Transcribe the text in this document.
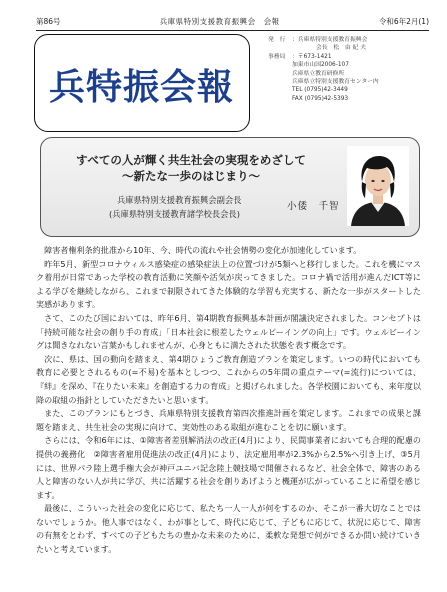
第86号	兵庫県特別支援教育振興会　会報	令和6年2月(1)
兵特振会報
発　行 ：兵庫県特別支援教育振興会
会長　松　由 紀 夫
事務局 ：〒673-1421
加東市山国2006-107
兵庫県立教育研修所
兵庫県立特別支援教育センター内
TEL (0795)42-3449
FAX (0795)42-5393
すべての人が輝く共生社会の実現をめざして
～新たな一歩のはじまり～
兵庫県特別支援教育振興会副会長
(兵庫県特別支援教育諸学校長会長)
小倭　千智

障害者権利条約批准から10年、今、時代の流れや社会情勢の変化が加速化しています。

昨年5月、新型コロナウィルス感染症の感染症法上の位置づけが5類へと移行しました。これを機にマスク着用が日常であった学校の教育活動に笑顔や活気が戻ってきました。コロナ禍で活用が進んだICT等による学びを継続しながら、これまで制限されてきた体験的な学習も充実する、新たな一歩がスタートした実感があります。

さて、このたび国においては、昨年6月、第4期教育振興基本計画が閣議決定されました。コンセプトは「持続可能な社会の創り手の育成」「日本社会に根差したウェルビーイングの向上」です。ウェルビーイングは聞きなれない言葉かもしれませんが、心身ともに満たされた状態を表す概念です。

次に、県は、国の動向を踏まえ、第4期ひょうご教育創造プランを策定します。いつの時代においても教育に必要とされるもの(=不易)を基本としつつ、これからの5年間の重点テーマ(=流行)については、『絆』を深め、『在りたい未来』を創造する力の育成」と掲げられました。各学校園においても、来年度以降の取組の指針としていただきたいと思います。

また、このプランにもとづき、兵庫県特別支援教育第四次推進計画を策定します。これまでの成果と課題を踏まえ、共生社会の実現に向けて、実効性のある取組が進むことを切に願います。

さらには、令和6年には、①障害者差別解消法の改正(4月)により、民間事業者においても合理的配慮の提供の義務化　②障害者雇用促進法の改正(4月)により、法定雇用率が2.3%から2.5%へ引き上げ、③5月には、世界パラ陸上選手権大会が神戸ユニバ記念陸上競技場で開催されるなど、社会全体で、障害のある人と障害のない人が共に学び、共に活躍する社会を創りあげようと機運が広がっていることに希望を感じます。

最後に、こういった社会の変化に応じて、私たち一人一人が何をするのか、そこが一番大切なことではないでしょうか。他人事ではなく、わが事として、時代に応じて、子どもに応じて、状況に応じて、障害の有無をとわず、すべての子どもたちの豊かな未来のために、柔軟な発想で何ができるか問い続けていきたいと考えています。
